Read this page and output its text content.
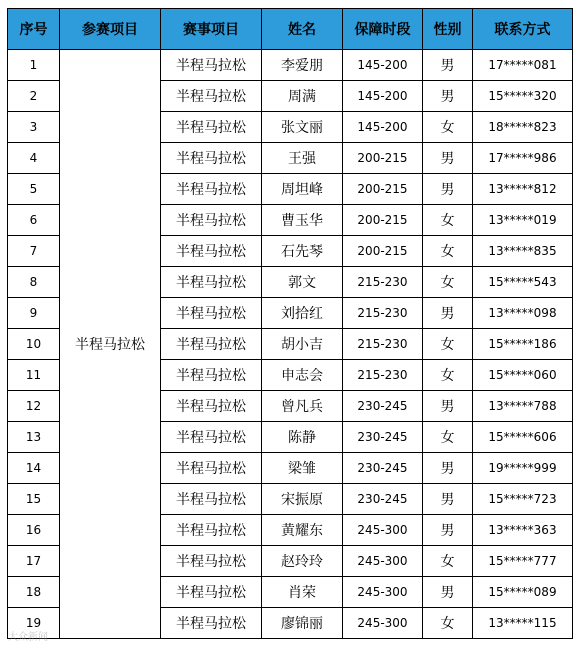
序号	参赛项目	赛事项目	姓名	保障时段	性别	联系方式
1	半程马拉松	半程马拉松	李爱朋	145-200	男	17*****081
2		半程马拉松	周满	145-200	男	15*****320
3		半程马拉松	张文丽	145-200	女	18*****823
4		半程马拉松	王强	200-215	男	17*****986
5		半程马拉松	周坦峰	200-215	男	13*****812
6		半程马拉松	曹玉华	200-215	女	13*****019
7		半程马拉松	石先琴	200-215	女	13*****835
8		半程马拉松	郭文	215-230	女	15*****543
9		半程马拉松	刘拾红	215-230	男	13*****098
10		半程马拉松	胡小吉	215-230	女	15*****186
11		半程马拉松	申志会	215-230	女	15*****060
12		半程马拉松	曾凡兵	230-245	男	13*****788
13		半程马拉松	陈静	230-245	女	15*****606
14		半程马拉松	梁雏	230-245	男	19*****999
15		半程马拉松	宋振原	230-245	男	15*****723
16		半程马拉松	黄耀东	245-300	男	13*****363
17		半程马拉松	赵玲玲	245-300	女	15*****777
18		半程马拉松	肖荣	245-300	男	15*****089
19		半程马拉松	廖锦丽	245-300	女	13*****115
大众新闻
